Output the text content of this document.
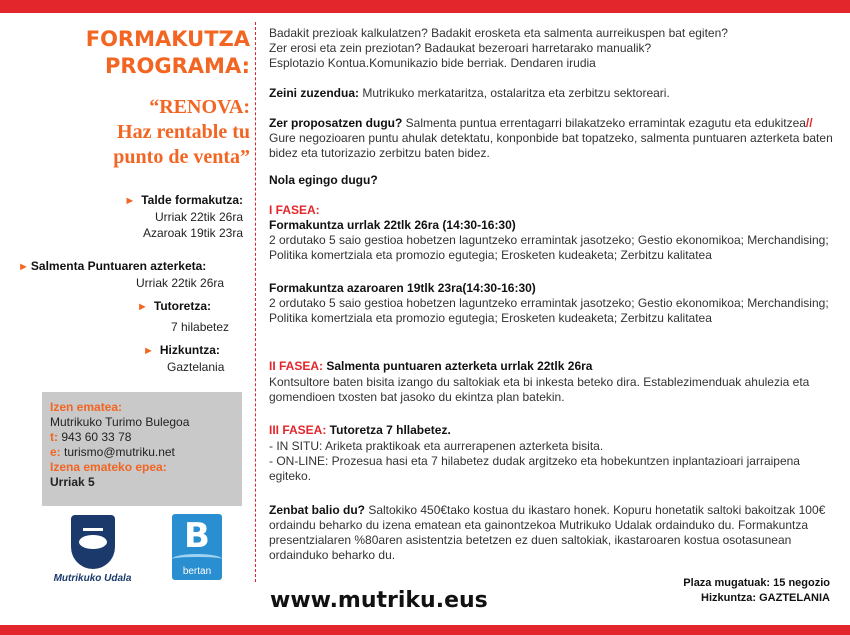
FORMAKUTZA
PROGRAMA:
“RENOVA:
Haz rentable tu
punto de venta”
► Talde formakutza:
Urriak 22tik 26ra
Azaroak 19tik 23ra
► Salmenta Puntuaren azterketa:
Urriak 22tik 26ra
► Tutoretza:
7 hilabetez
► Hizkuntza:
Gaztelania
Izen ematea:
Mutrikuko Turimo Bulegoa
t: 943 60 33 78
e: turismo@mutriku.net
Izena emateko epea:
Urriak 5
Mutrikuko Udala
B
bertan
Badakit prezioak kalkulatzen? Badakit erosketa eta salmenta aurreikuspen bat egiten?
Zer erosi eta zein preziotan? Badaukat bezeroari harretarako manualik?
Esplotazio Kontua.Komunikazio bide berriak. Dendaren irudia
Zeini zuzendua: Mutrikuko merkataritza, ostalaritza eta zerbitzu sektoreari.
Zer proposatzen dugu? Salmenta puntua errentagarri bilakatzeko erramintak ezagutu eta edukitzea// Gure negozioaren puntu ahulak detektatu, konponbide bat topatzeko, salmenta puntuaren azterketa baten bidez eta tutorizazio zerbitzu baten bidez.
Nola egingo dugu?
I FASEA:
Formakuntza urrlak 22tlk 26ra (14:30-16:30)
2 ordutako 5 saio gestioa hobetzen laguntzeko erramintak jasotzeko; Gestio ekonomikoa; Merchandising; Politika komertziala eta promozio egutegia; Erosketen kudeaketa; Zerbitzu kalitatea
Formakuntza azaroaren 19tlk 23ra(14:30-16:30)
2 ordutako 5 saio gestioa hobetzen laguntzeko erramintak jasotzeko; Gestio ekonomikoa; Merchandising; Politika komertziala eta promozio egutegia; Erosketen kudeaketa; Zerbitzu kalitatea
II FASEA: Salmenta puntuaren azterketa urrlak 22tlk 26ra
Kontsultore baten bisita izango du saltokiak eta bi inkesta beteko dira. Establezimenduak ahulezia eta gomendioen txosten bat jasoko du ekintza plan batekin.
III FASEA: Tutoretza 7 hllabetez.
- IN SITU: Ariketa praktikoak eta aurrerapenen azterketa bisita.
- ON-LINE: Prozesua hasi eta 7 hilabetez dudak argitzeko eta hobekuntzen inplantazioari jarraipena egiteko.
Zenbat balio du? Saltokiko 450€tako kostua du ikastaro honek. Kopuru honetatik saltoki bakoitzak 100€ ordaindu beharko du izena ematean eta gainontzekoa Mutrikuko Udalak ordainduko du. Formakuntza presentzialaren %80aren asistentzia betetzen ez duen saltokiak, ikastaroaren kostua osotasunean ordainduko beharko du.
Plaza mugatuak: 15 negozio
Hizkuntza: GAZTELANIA
www.mutriku.eus
